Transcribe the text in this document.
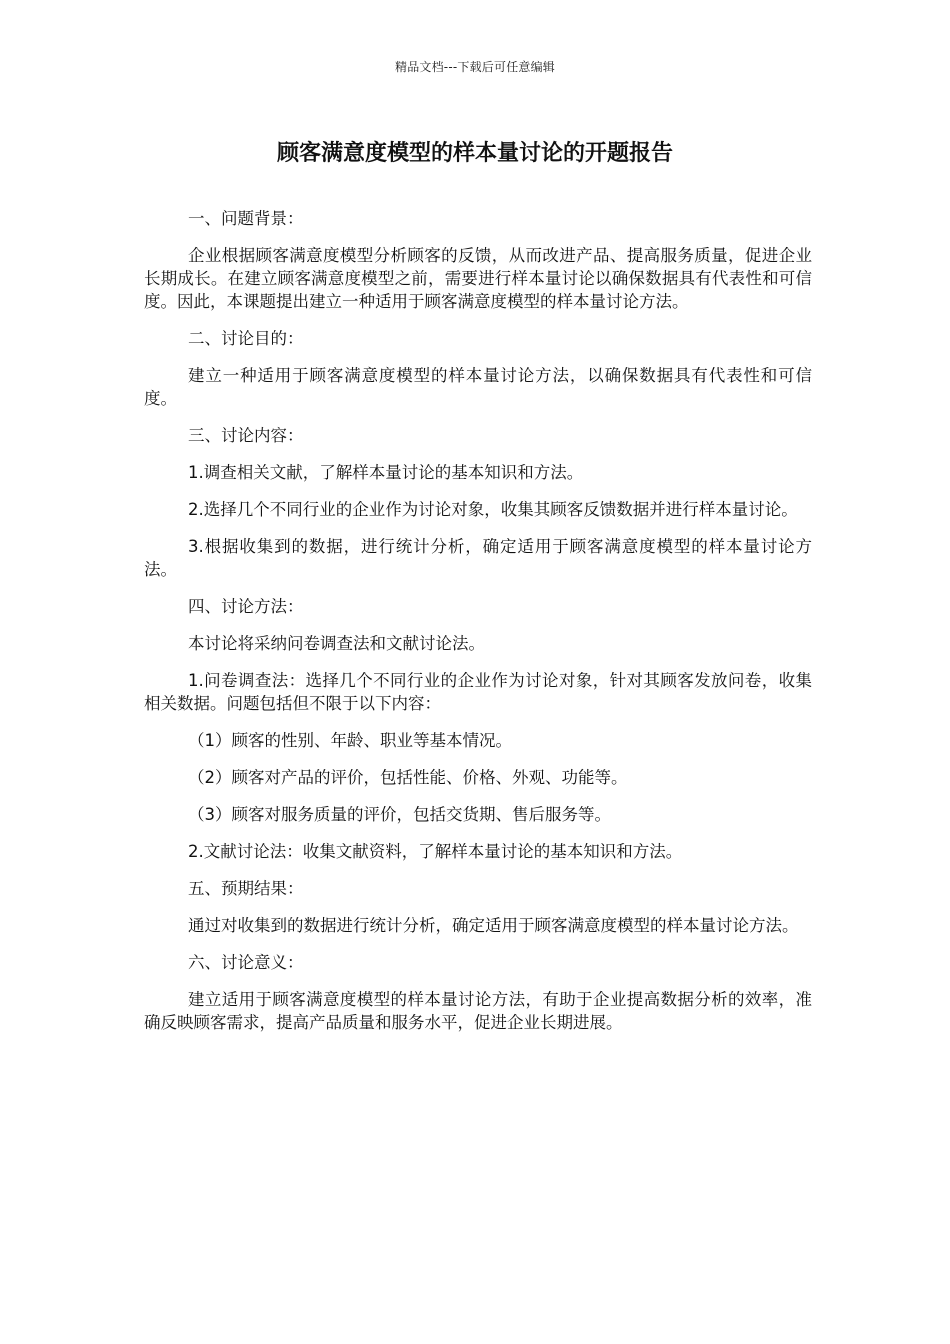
精品文档---下载后可任意编辑
顾客满意度模型的样本量讨论的开题报告

一、问题背景：

企业根据顾客满意度模型分析顾客的反馈，从而改进产品、提高服务质量，促进企业长期成长。在建立顾客满意度模型之前，需要进行样本量讨论以确保数据具有代表性和可信度。因此，本课题提出建立一种适用于顾客满意度模型的样本量讨论方法。

二、讨论目的：

建立一种适用于顾客满意度模型的样本量讨论方法，以确保数据具有代表性和可信度。

三、讨论内容：

1.调查相关文献，了解样本量讨论的基本知识和方法。

2.选择几个不同行业的企业作为讨论对象，收集其顾客反馈数据并进行样本量讨论。

3.根据收集到的数据，进行统计分析，确定适用于顾客满意度模型的样本量讨论方法。

四、讨论方法：

本讨论将采纳问卷调查法和文献讨论法。

1.问卷调查法：选择几个不同行业的企业作为讨论对象，针对其顾客发放问卷，收集相关数据。问题包括但不限于以下内容：

（1）顾客的性别、年龄、职业等基本情况。

（2）顾客对产品的评价，包括性能、价格、外观、功能等。

（3）顾客对服务质量的评价，包括交货期、售后服务等。

2.文献讨论法：收集文献资料，了解样本量讨论的基本知识和方法。

五、预期结果：

通过对收集到的数据进行统计分析，确定适用于顾客满意度模型的样本量讨论方法。

六、讨论意义：

建立适用于顾客满意度模型的样本量讨论方法，有助于企业提高数据分析的效率，准确反映顾客需求，提高产品质量和服务水平，促进企业长期进展。
